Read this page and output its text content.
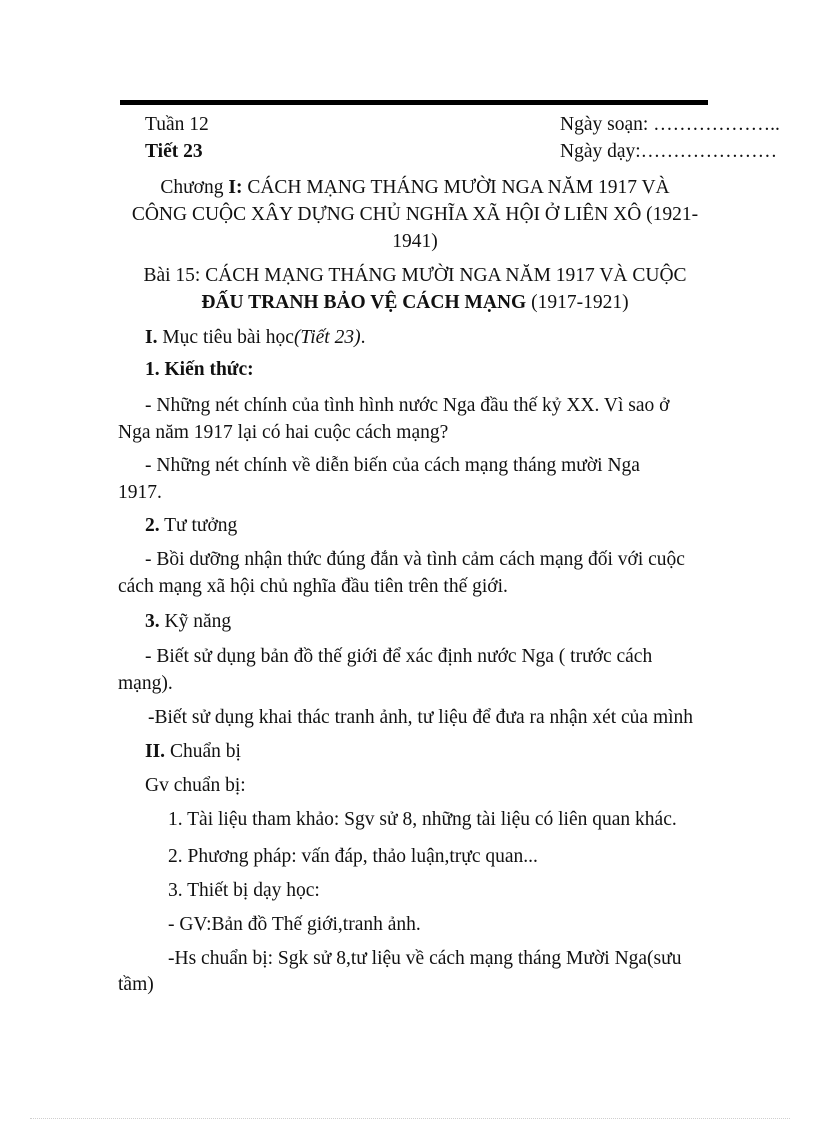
Tuần 12	Ngày soạn: ………………..
Tiết 23	Ngày dạy:…………………
Chương I: CÁCH MẠNG THÁNG MƯỜI NGA NĂM 1917 VÀ
CÔNG CUỘC XÂY DỰNG CHỦ NGHĨA XÃ HỘI Ở LIÊN XÔ (1921-
1941)
Bài 15: CÁCH MẠNG THÁNG MƯỜI NGA NĂM 1917 VÀ CUỘC
ĐẤU TRANH BẢO VỆ CÁCH MẠNG (1917-1921)
I. Mục tiêu bài học(Tiết 23).
1. Kiến thức:
- Những nét chính của tình hình nước Nga đầu thế kỷ XX. Vì sao ở
Nga năm 1917 lại có hai cuộc cách mạng?
- Những nét chính về diễn biến của cách mạng tháng mười Nga
1917.
2. Tư tưởng
- Bồi dưỡng nhận thức đúng đắn và tình cảm cách mạng đối với cuộc
cách mạng xã hội chủ nghĩa đầu tiên trên thế giới.
3. Kỹ năng
- Biết sử dụng bản đồ thế giới để xác định nước Nga ( trước cách
mạng).
-Biết sử dụng khai thác tranh ảnh, tư liệu để đưa ra nhận xét của mình
II. Chuẩn bị
Gv chuẩn bị:
1. Tài liệu tham khảo: Sgv sử 8, những tài liệu có liên quan khác.
2. Phương pháp: vấn đáp, thảo luận,trực quan...
3. Thiết bị dạy học:
- GV:Bản đồ Thế giới,tranh ảnh.
-Hs chuẩn bị: Sgk sử 8,tư liệu về cách mạng tháng Mười Nga(sưu
tầm)
